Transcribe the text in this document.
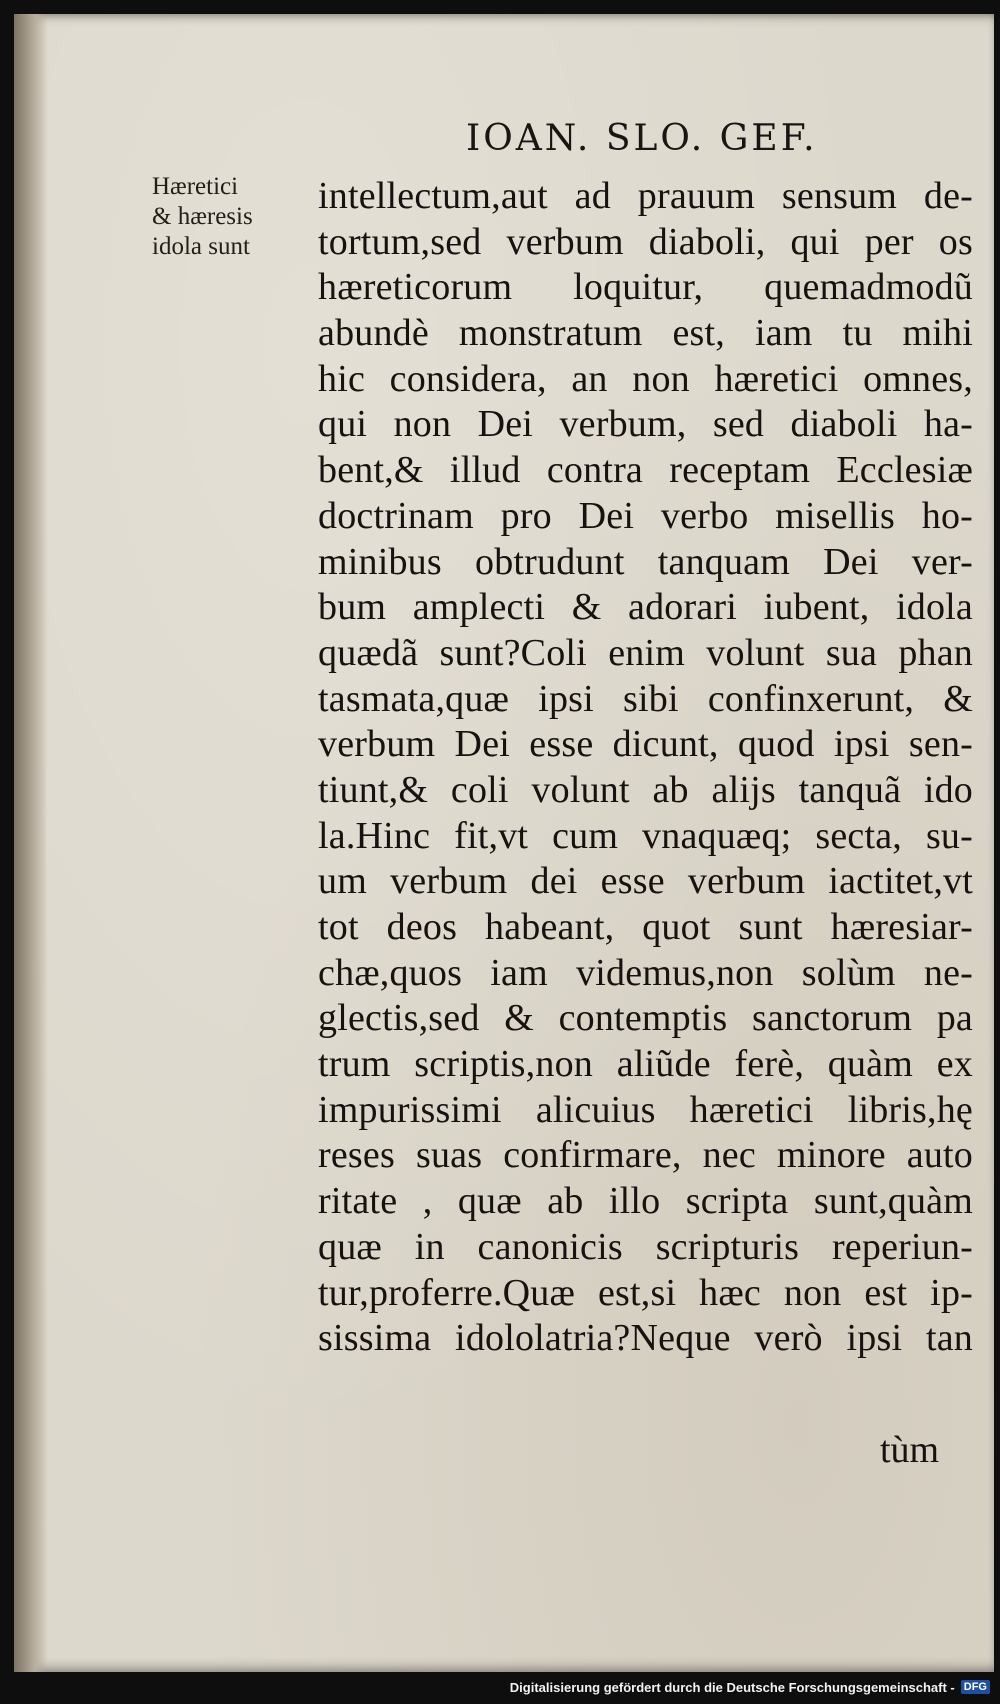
IOAN. SLO. GEF.
Hæretici
& hæresis
idola sunt
intellectum,aut ad prauum sensum de-
tortum,sed verbum diaboli, qui per os
hæreticorum loquitur, quemadmodũ
abundè monstratum est, iam tu mihi
hic considera, an non hæretici omnes,
qui non Dei verbum, sed diaboli ha-
bent,& illud contra receptam Ecclesiæ
doctrinam pro Dei verbo misellis ho-
minibus obtrudunt tanquam Dei ver-
bum amplecti & adorari iubent, idola
quædã sunt?Coli enim volunt sua phan
tasmata,quæ ipsi sibi confinxerunt, &
verbum Dei esse dicunt, quod ipsi sen-
tiunt,& coli volunt ab alijs tanquã ido
la.Hinc fit,vt cum vnaquæq; secta, su-
um verbum dei esse verbum iactitet,vt
tot deos habeant, quot sunt hæresiar-
chæ,quos iam videmus,non solùm ne-
glectis,sed & contemptis sanctorum pa
trum scriptis,non aliũde ferè, quàm ex
impurissimi alicuius hæretici libris,hę
reses suas confirmare, nec minore auto
ritate , quæ ab illo scripta sunt,quàm
quæ in canonicis scripturis reperiun-
tur,proferre.Quæ est,si hæc non est ip-
sissima idololatria?Neque verò ipsi tan
tùm
Digitalisierung gefördert durch die Deutsche Forschungsgemeinschaft - DFG
